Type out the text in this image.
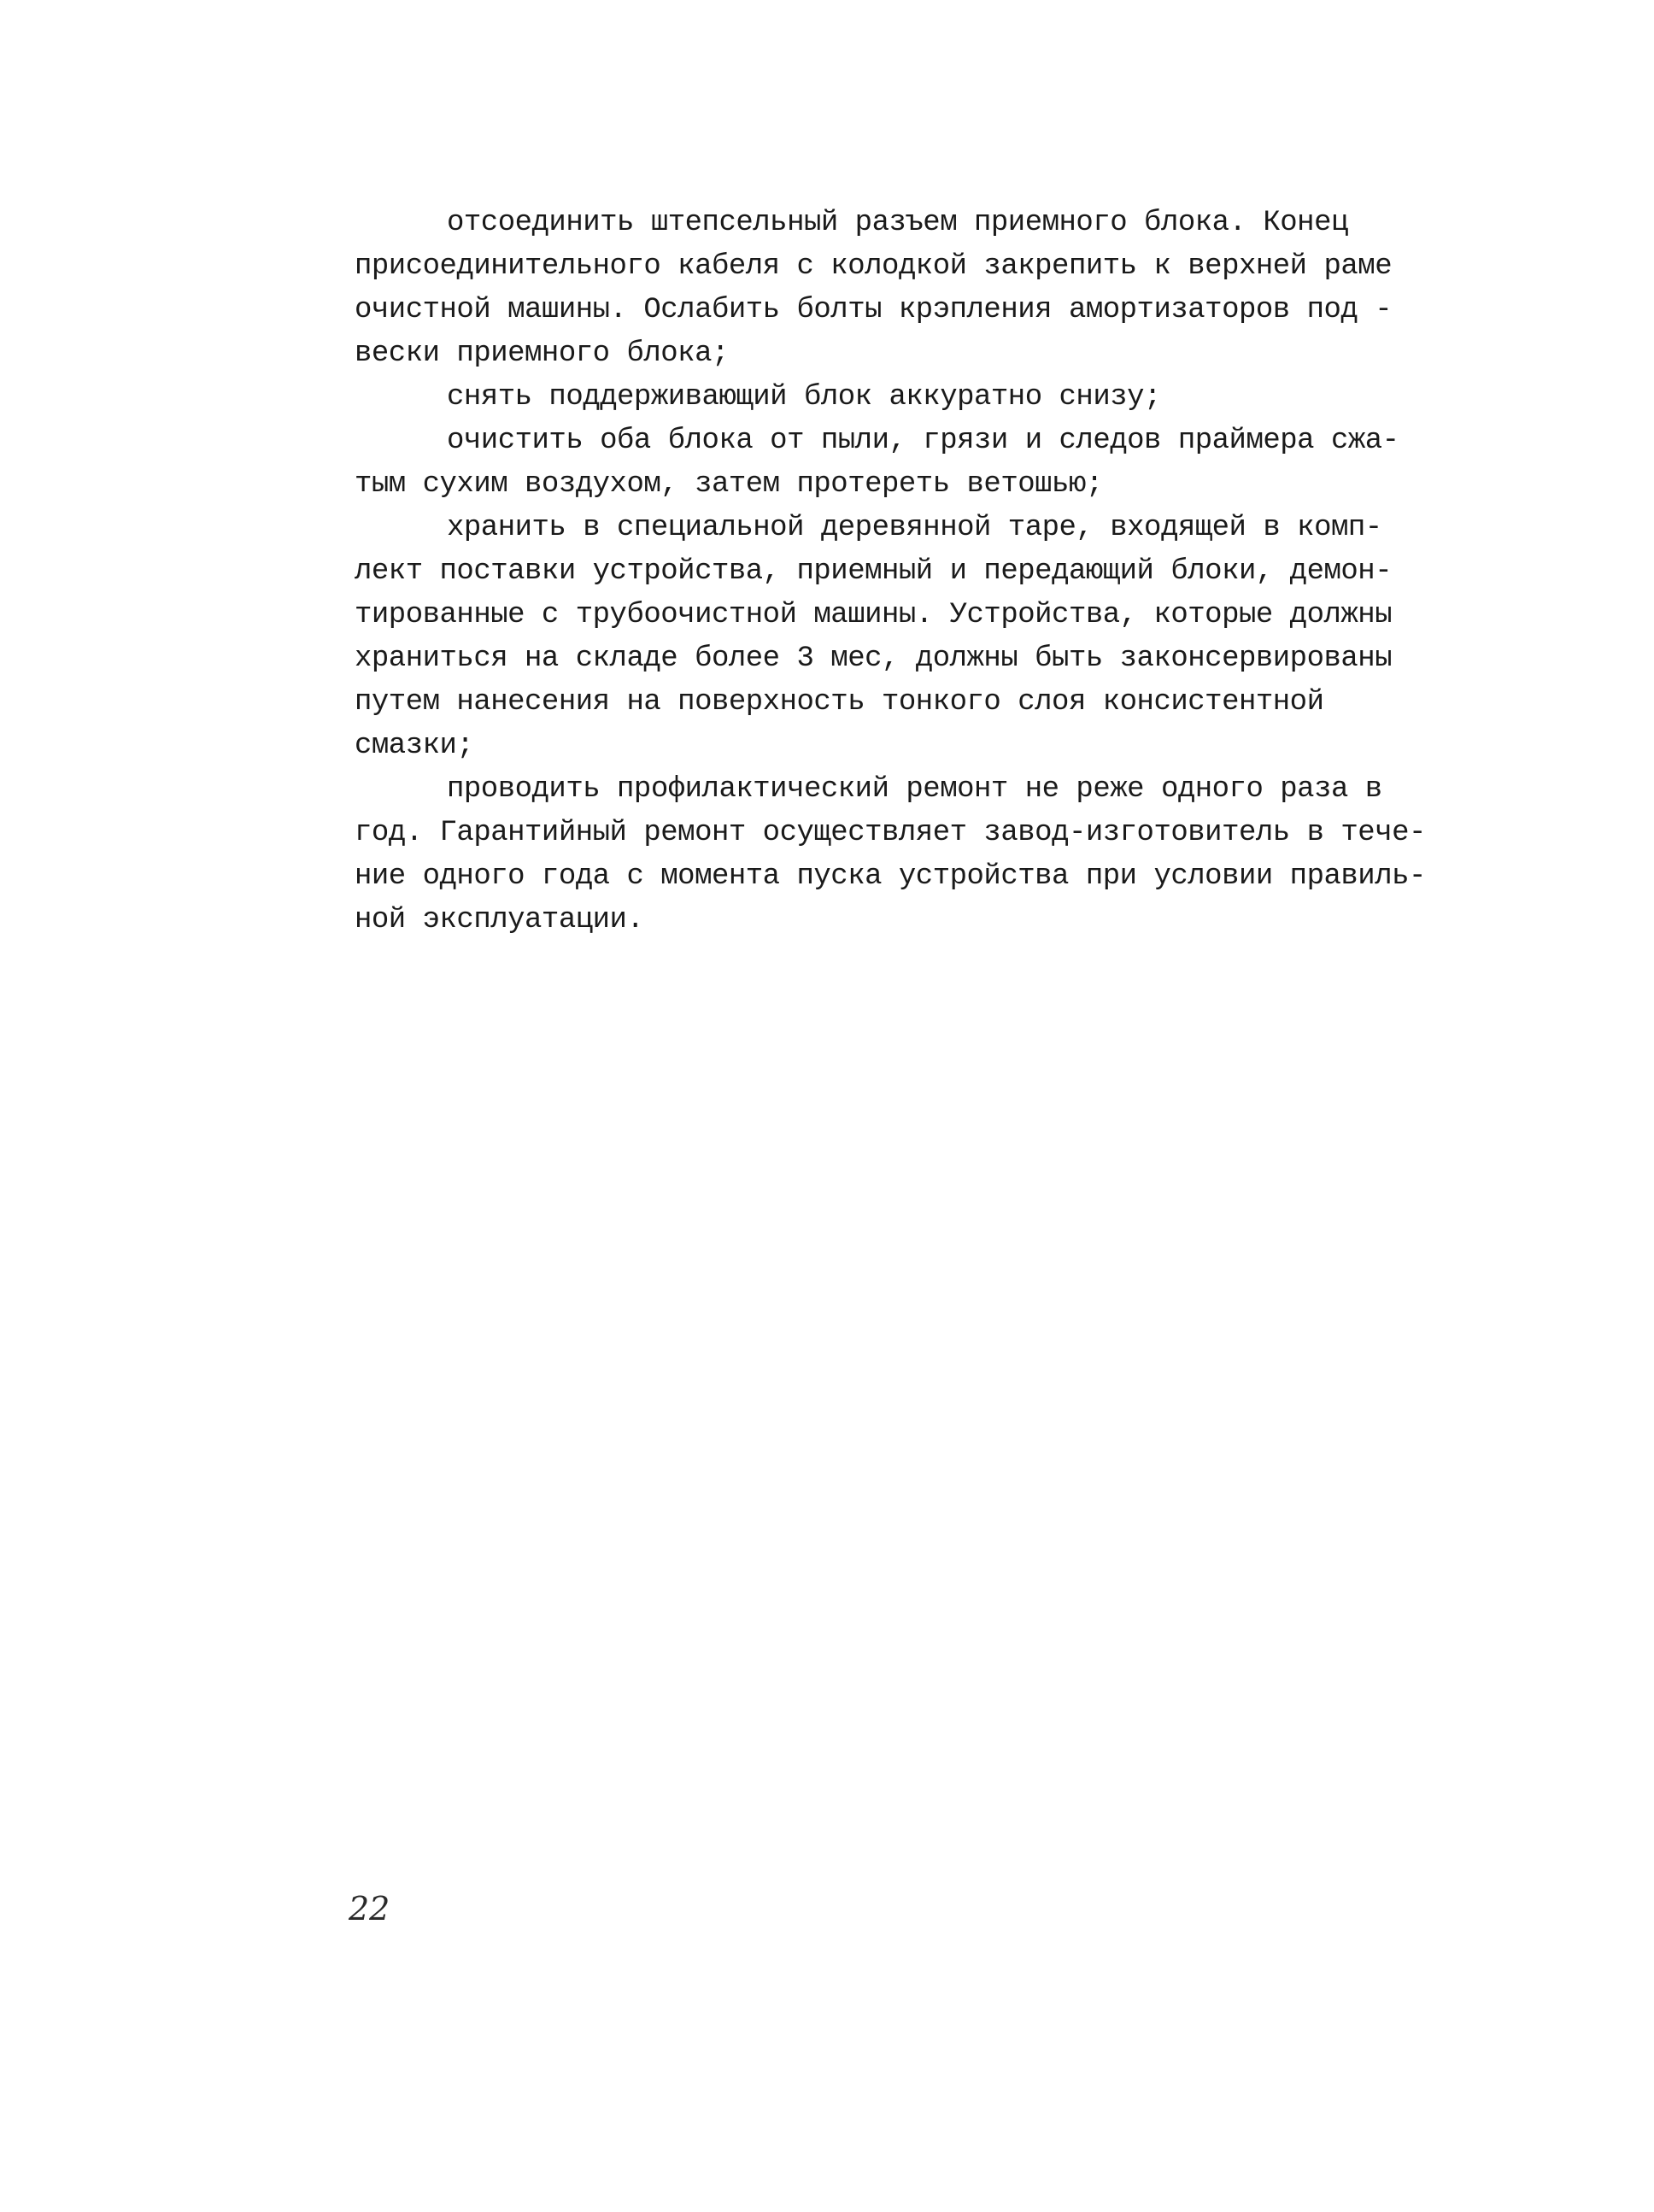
отсоединить штепсельный разъем приемного блока. Конец
присоединительного кабеля с колодкой закрепить к верхней раме
очистной машины. Ослабить болты крэпления амортизаторов под -
вески приемного блока;
снять поддерживающий блок аккуратно снизу;
очистить оба блока от пыли, грязи и следов праймера сжа-
тым сухим воздухом, затем протереть ветошью;
хранить в специальной деревянной таре, входящей в комп-
лект поставки устройства, приемный и передающий блоки, демон-
тированные с трубоочистной машины. Устройства, которые должны
храниться на складе более 3 мес, должны быть законсервированы
путем нанесения на поверхность тонкого слоя консистентной
смазки;
проводить профилактический ремонт не реже одного раза в
год. Гарантийный ремонт осуществляет завод-изготовитель в тече-
ние одного года с момента пуска устройства при условии правиль-
ной эксплуатации.
22
